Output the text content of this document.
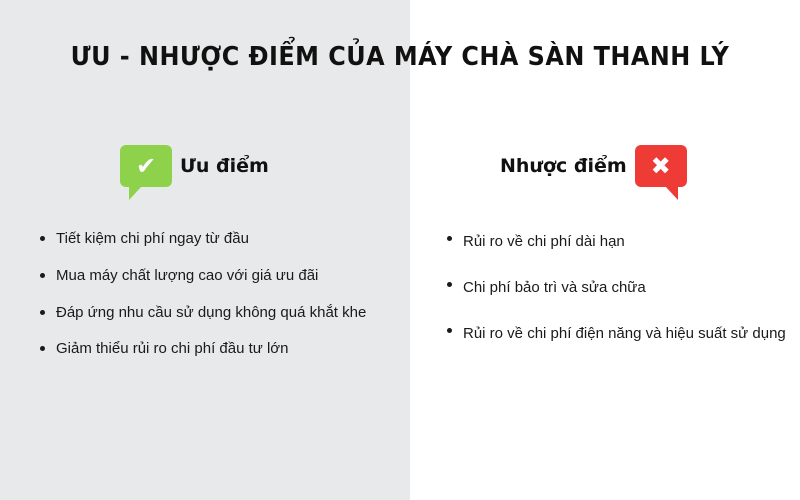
ƯU - NHƯỢC ĐIỂM CỦA MÁY CHÀ SÀN THANH LÝ
✔ Ưu điểm	Nhược điểm ✖
Tiết kiệm chi phí ngay từ đầu
Mua máy chất lượng cao với giá ưu đãi
Đáp ứng nhu cầu sử dụng không quá khắt khe
Giảm thiểu rủi ro chi phí đầu tư lớn
Rủi ro về chi phí dài hạn
Chi phí bảo trì và sửa chữa
Rủi ro về chi phí điện năng và hiệu suất sử dụng
